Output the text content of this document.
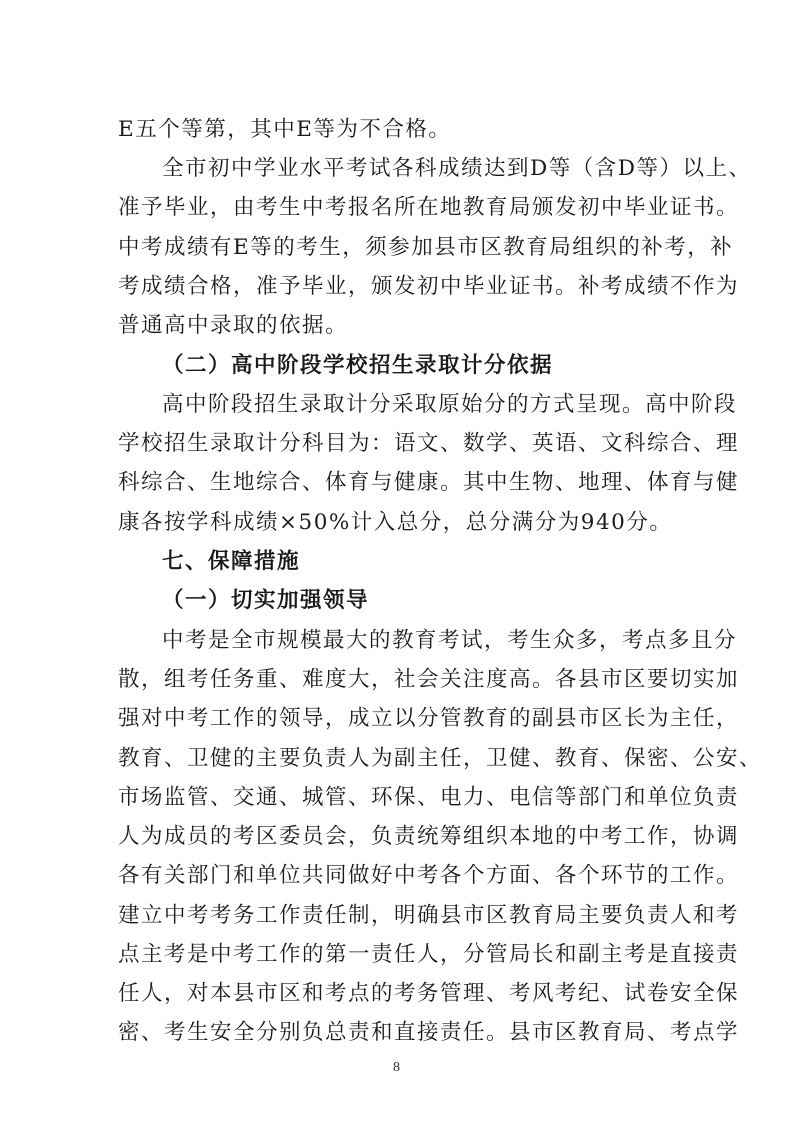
E五个等第，其中E等为不合格。
全市初中学业水平考试各科成绩达到D等（含D等）以上、
准予毕业，由考生中考报名所在地教育局颁发初中毕业证书。
中考成绩有E等的考生，须参加县市区教育局组织的补考，补
考成绩合格，准予毕业，颁发初中毕业证书。补考成绩不作为
普通高中录取的依据。
（二）高中阶段学校招生录取计分依据
高中阶段招生录取计分采取原始分的方式呈现。高中阶段
学校招生录取计分科目为：语文、数学、英语、文科综合、理
科综合、生地综合、体育与健康。其中生物、地理、体育与健
康各按学科成绩×50%计入总分，总分满分为940分。
七、保障措施
（一）切实加强领导
中考是全市规模最大的教育考试，考生众多，考点多且分
散，组考任务重、难度大，社会关注度高。各县市区要切实加
强对中考工作的领导，成立以分管教育的副县市区长为主任，
教育、卫健的主要负责人为副主任，卫健、教育、保密、公安、
市场监管、交通、城管、环保、电力、电信等部门和单位负责
人为成员的考区委员会，负责统筹组织本地的中考工作，协调
各有关部门和单位共同做好中考各个方面、各个环节的工作。
建立中考考务工作责任制，明确县市区教育局主要负责人和考
点主考是中考工作的第一责任人，分管局长和副主考是直接责
任人，对本县市区和考点的考务管理、考风考纪、试卷安全保
密、考生安全分别负总责和直接责任。县市区教育局、考点学
8
